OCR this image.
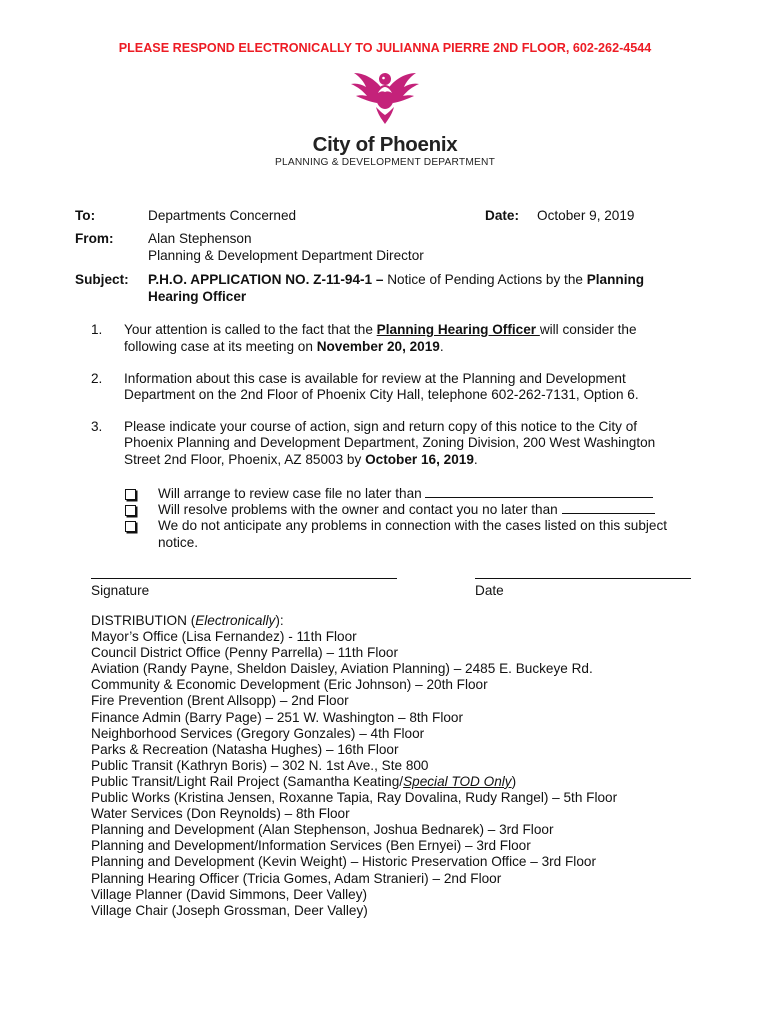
PLEASE RESPOND ELECTRONICALLY TO JULIANNA PIERRE 2ND FLOOR, 602-262-4544
City of Phoenix
PLANNING & DEVELOPMENT DEPARTMENT
To:	Departments Concerned	Date: October 9, 2019
From:	Alan Stephenson
Planning & Development Department Director
Subject: P.H.O. APPLICATION NO. Z-11-94-1 – Notice of Pending Actions by the Planning
Hearing Officer
1. Your attention is called to the fact that the Planning Hearing Officer will consider the
following case at its meeting on November 20, 2019.
2. Information about this case is available for review at the Planning and Development
Department on the 2nd Floor of Phoenix City Hall, telephone 602-262-7131, Option 6.
3. Please indicate your course of action, sign and return copy of this notice to the City of
Phoenix Planning and Development Department, Zoning Division, 200 West Washington
Street 2nd Floor, Phoenix, AZ 85003 by October 16, 2019.
Will arrange to review case file no later than
Will resolve problems with the owner and contact you no later than
We do not anticipate any problems in connection with the cases listed on this subject
notice.
Signature	Date
DISTRIBUTION (Electronically):
Mayor’s Office (Lisa Fernandez) - 11th Floor
Council District Office (Penny Parrella) – 11th Floor
Aviation (Randy Payne, Sheldon Daisley, Aviation Planning) – 2485 E. Buckeye Rd.
Community & Economic Development (Eric Johnson) – 20th Floor
Fire Prevention (Brent Allsopp) – 2nd Floor
Finance Admin (Barry Page) – 251 W. Washington – 8th Floor
Neighborhood Services (Gregory Gonzales) – 4th Floor
Parks & Recreation (Natasha Hughes) – 16th Floor
Public Transit (Kathryn Boris) – 302 N. 1st Ave., Ste 800
Public Transit/Light Rail Project (Samantha Keating/Special TOD Only)
Public Works (Kristina Jensen, Roxanne Tapia, Ray Dovalina, Rudy Rangel) – 5th Floor
Water Services (Don Reynolds) – 8th Floor
Planning and Development (Alan Stephenson, Joshua Bednarek) – 3rd Floor
Planning and Development/Information Services (Ben Ernyei) – 3rd Floor
Planning and Development (Kevin Weight) – Historic Preservation Office – 3rd Floor
Planning Hearing Officer (Tricia Gomes, Adam Stranieri) – 2nd Floor
Village Planner (David Simmons, Deer Valley)
Village Chair (Joseph Grossman, Deer Valley)
